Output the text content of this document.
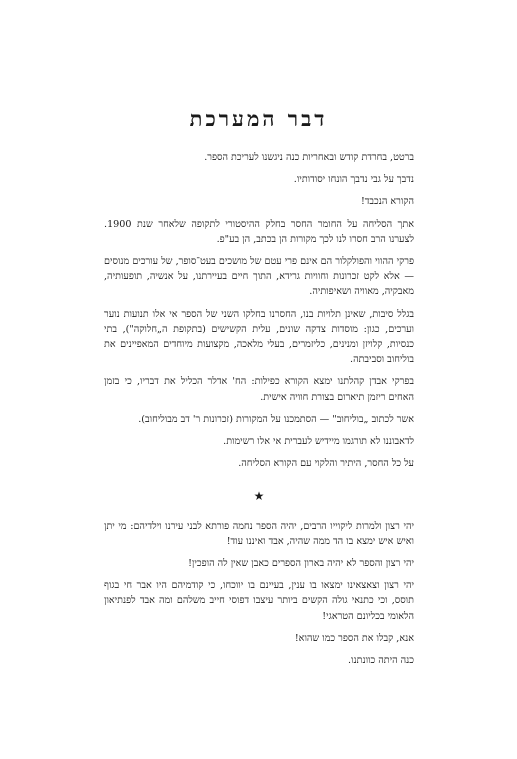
דבר המערכת

ברטט, בחרדת קודש ובאחריות כנה ניגשנו לעריכת הספר.

נדבך על גבי נדבך הונחו יסודותיו.

הקורא הנכבד!

אתך הסליחה על החומר החסר בחלק ההיסטורי לתקופה שלאחר שנת 1900. לצערנו הרב חסרו לנו לכך מקורות הן בכתב, הן בע"פ.

פרקי ההווי והפולקלור הם אינם פרי עטם של מושכים בעט־סופר, של עורכים מנוסים — אלא לקט זכרונות וחוויות גרידא, התוך חיים בעיירתנו, על אנשיה, תופעותיה, מאבקיה, מאוויה ושאיפותיה.

בגלל סיבות, שאינן תלויות בנו, החסרנו בחלקו השני של הספר אי אלו תנועות נוער וערכים, כגון: מוסדות צדקה שונים, עלית הקשישים (בתקופת ה„חלוקה"), בתי כנסיות, קלויזן ומנינים, כליזמרים, בעלי מלאכה, מקצועות מיוחדים המאפיינים את בוליחוב וסביבתה.

בפרקי אבדן קהלתנו ימצא הקורא כפילות: הח' אדלר הכליל את דבריו, כי בזמן האחים ריזמן תיארום בצורת חוויה אישית.

אשר לכתוב „בוליחוב" — הסתמכנו על המקורות (זכרונות ר' דב מבוליחוב).

לדאבוננו לא תורגמו מיידיש לעברית אי אלו רשימות.

על כל החסר, היתיר והלקוי עם הקורא הסליחה.

★

יהי רצון ולמרות ליקוייו הרבים, יהיה הספר נחמה פורתא לבני עירנו וילדיהם: מי יתן ואיש איש ימצא בו הד ממה שהיה, אבד ואיננו עוד!

יהי רצון והספר לא יהיה בארון הספרים כאבן שאין לה הופכין!

יהי רצון וצאצאינו ימצאו בו ענין, בעיינם בו יווכחו, כי קודמיהם היו אבר חי בגוף תוסס, וכי כתנאי גולה הקשים ביותר עיצבו דפוסי חייב משלהם ומה אבד לפנתיאון הלאומי בכליונם הטראגי!

אנא, קבלו את הספר כמו שהוא!

כנה היתה כוונתנו.
